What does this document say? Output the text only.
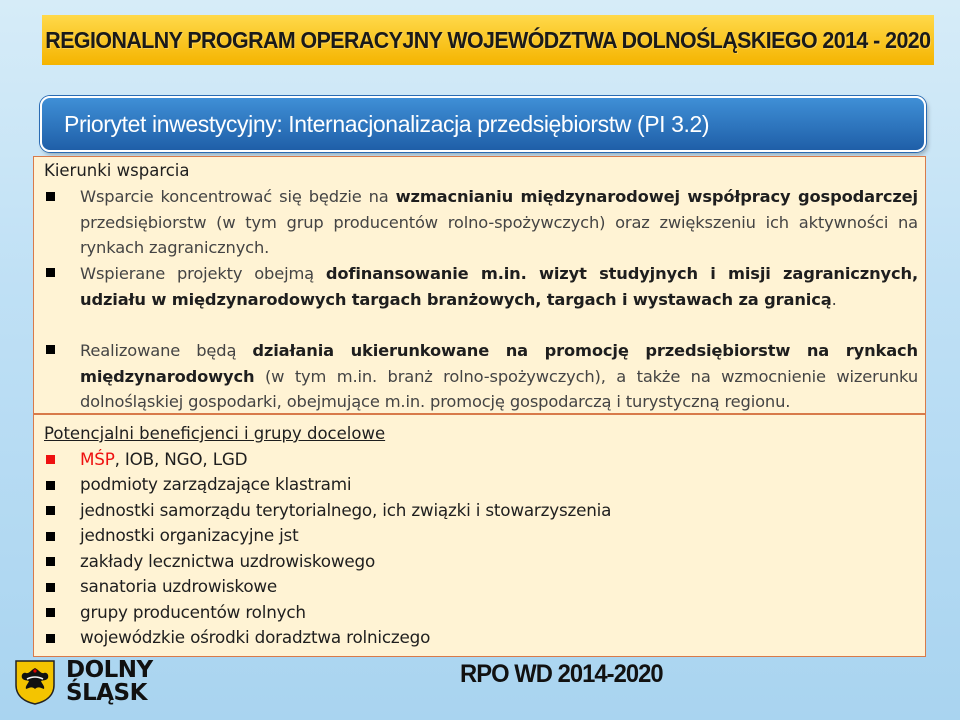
REGIONALNY PROGRAM OPERACYJNY WOJEWÓDZTWA DOLNOŚLĄSKIEGO 2014 - 2020
Priorytet inwestycyjny: Internacjonalizacja przedsiębiorstw (PI 3.2)
Kierunki wsparcia
Wsparcie koncentrować się będzie na wzmacnianiu międzynarodowej współpracy gospodarczej przedsiębiorstw (w tym grup producentów rolno-spożywczych) oraz zwiększeniu ich aktywności na rynkach zagranicznych.
Wspierane projekty obejmą dofinansowanie m.in. wizyt studyjnych i misji zagranicznych, udziału w międzynarodowych targach branżowych, targach i wystawach za granicą.
Realizowane będą działania ukierunkowane na promocję przedsiębiorstw na rynkach międzynarodowych (w tym m.in. branż rolno-spożywczych), a także na wzmocnienie wizerunku dolnośląskiej gospodarki, obejmujące m.in. promocję gospodarczą i turystyczną regionu.
Potencjalni beneficjenci i grupy docelowe
MŚP, IOB, NGO, LGD
podmioty zarządzające klastrami
jednostki samorządu terytorialnego, ich związki i stowarzyszenia
jednostki organizacyjne jst
zakłady lecznictwa uzdrowiskowego
sanatoria uzdrowiskowe
grupy producentów rolnych
wojewódzkie ośrodki doradztwa rolniczego
DOLNY
ŚLĄSK
RPO WD 2014-2020
